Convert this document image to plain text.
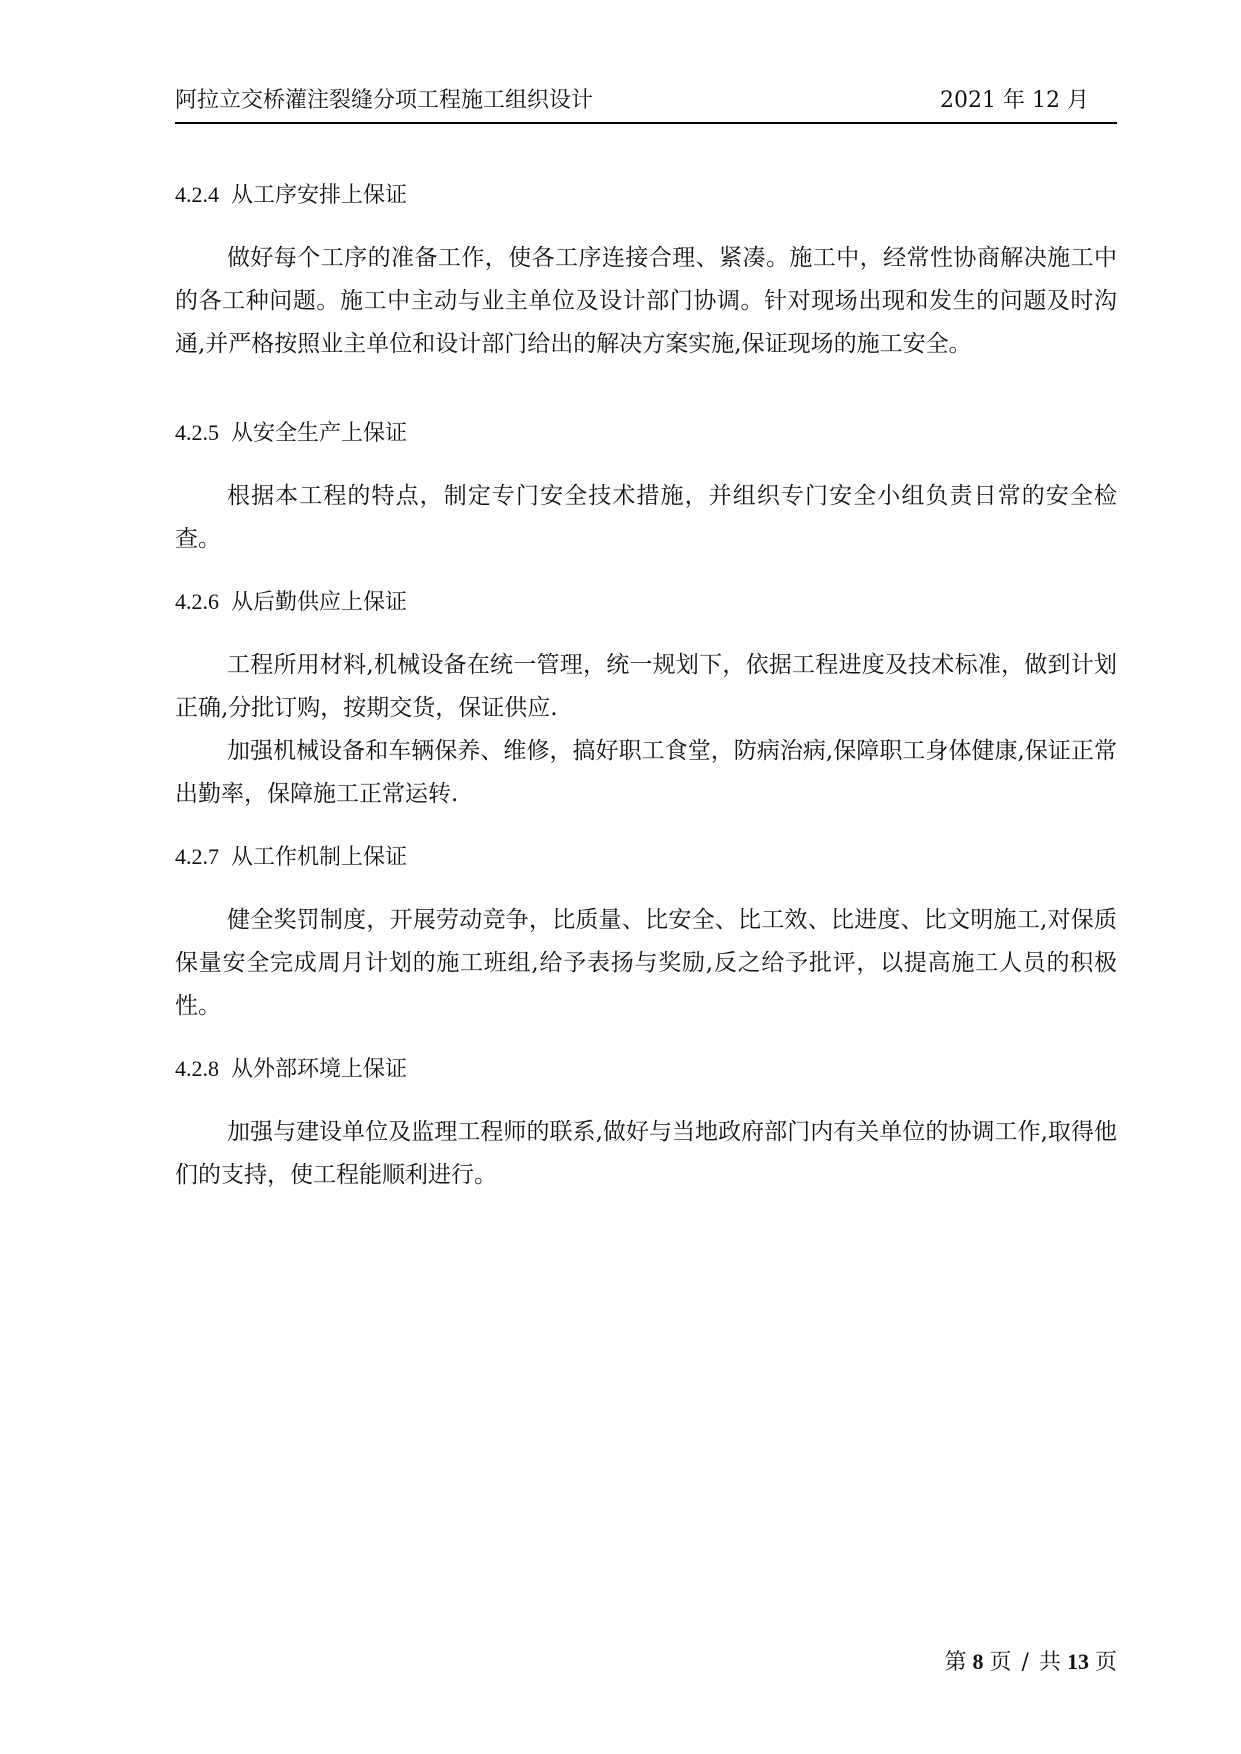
阿拉立交桥灌注裂缝分项工程施工组织设计	2021 年 12 月

4.2.4 从工序安排上保证

做好每个工序的准备工作，使各工序连接合理、紧凑。施工中，经常性协商解决施工中的各工种问题。施工中主动与业主单位及设计部门协调。针对现场出现和发生的问题及时沟通,并严格按照业主单位和设计部门给出的解决方案实施,保证现场的施工安全。

4.2.5 从安全生产上保证

根据本工程的特点，制定专门安全技术措施，并组织专门安全小组负责日常的安全检查。

4.2.6 从后勤供应上保证

工程所用材料,机械设备在统一管理，统一规划下，依据工程进度及技术标准，做到计划正确,分批订购，按期交货，保证供应.

加强机械设备和车辆保养、维修，搞好职工食堂，防病治病,保障职工身体健康,保证正常出勤率，保障施工正常运转.

4.2.7 从工作机制上保证

健全奖罚制度，开展劳动竞争，比质量、比安全、比工效、比进度、比文明施工,对保质保量安全完成周月计划的施工班组,给予表扬与奖励,反之给予批评，以提高施工人员的积极性。

4.2.8 从外部环境上保证

加强与建设单位及监理工程师的联系,做好与当地政府部门内有关单位的协调工作,取得他们的支持，使工程能顺利进行。

第 8 页 / 共 13 页
